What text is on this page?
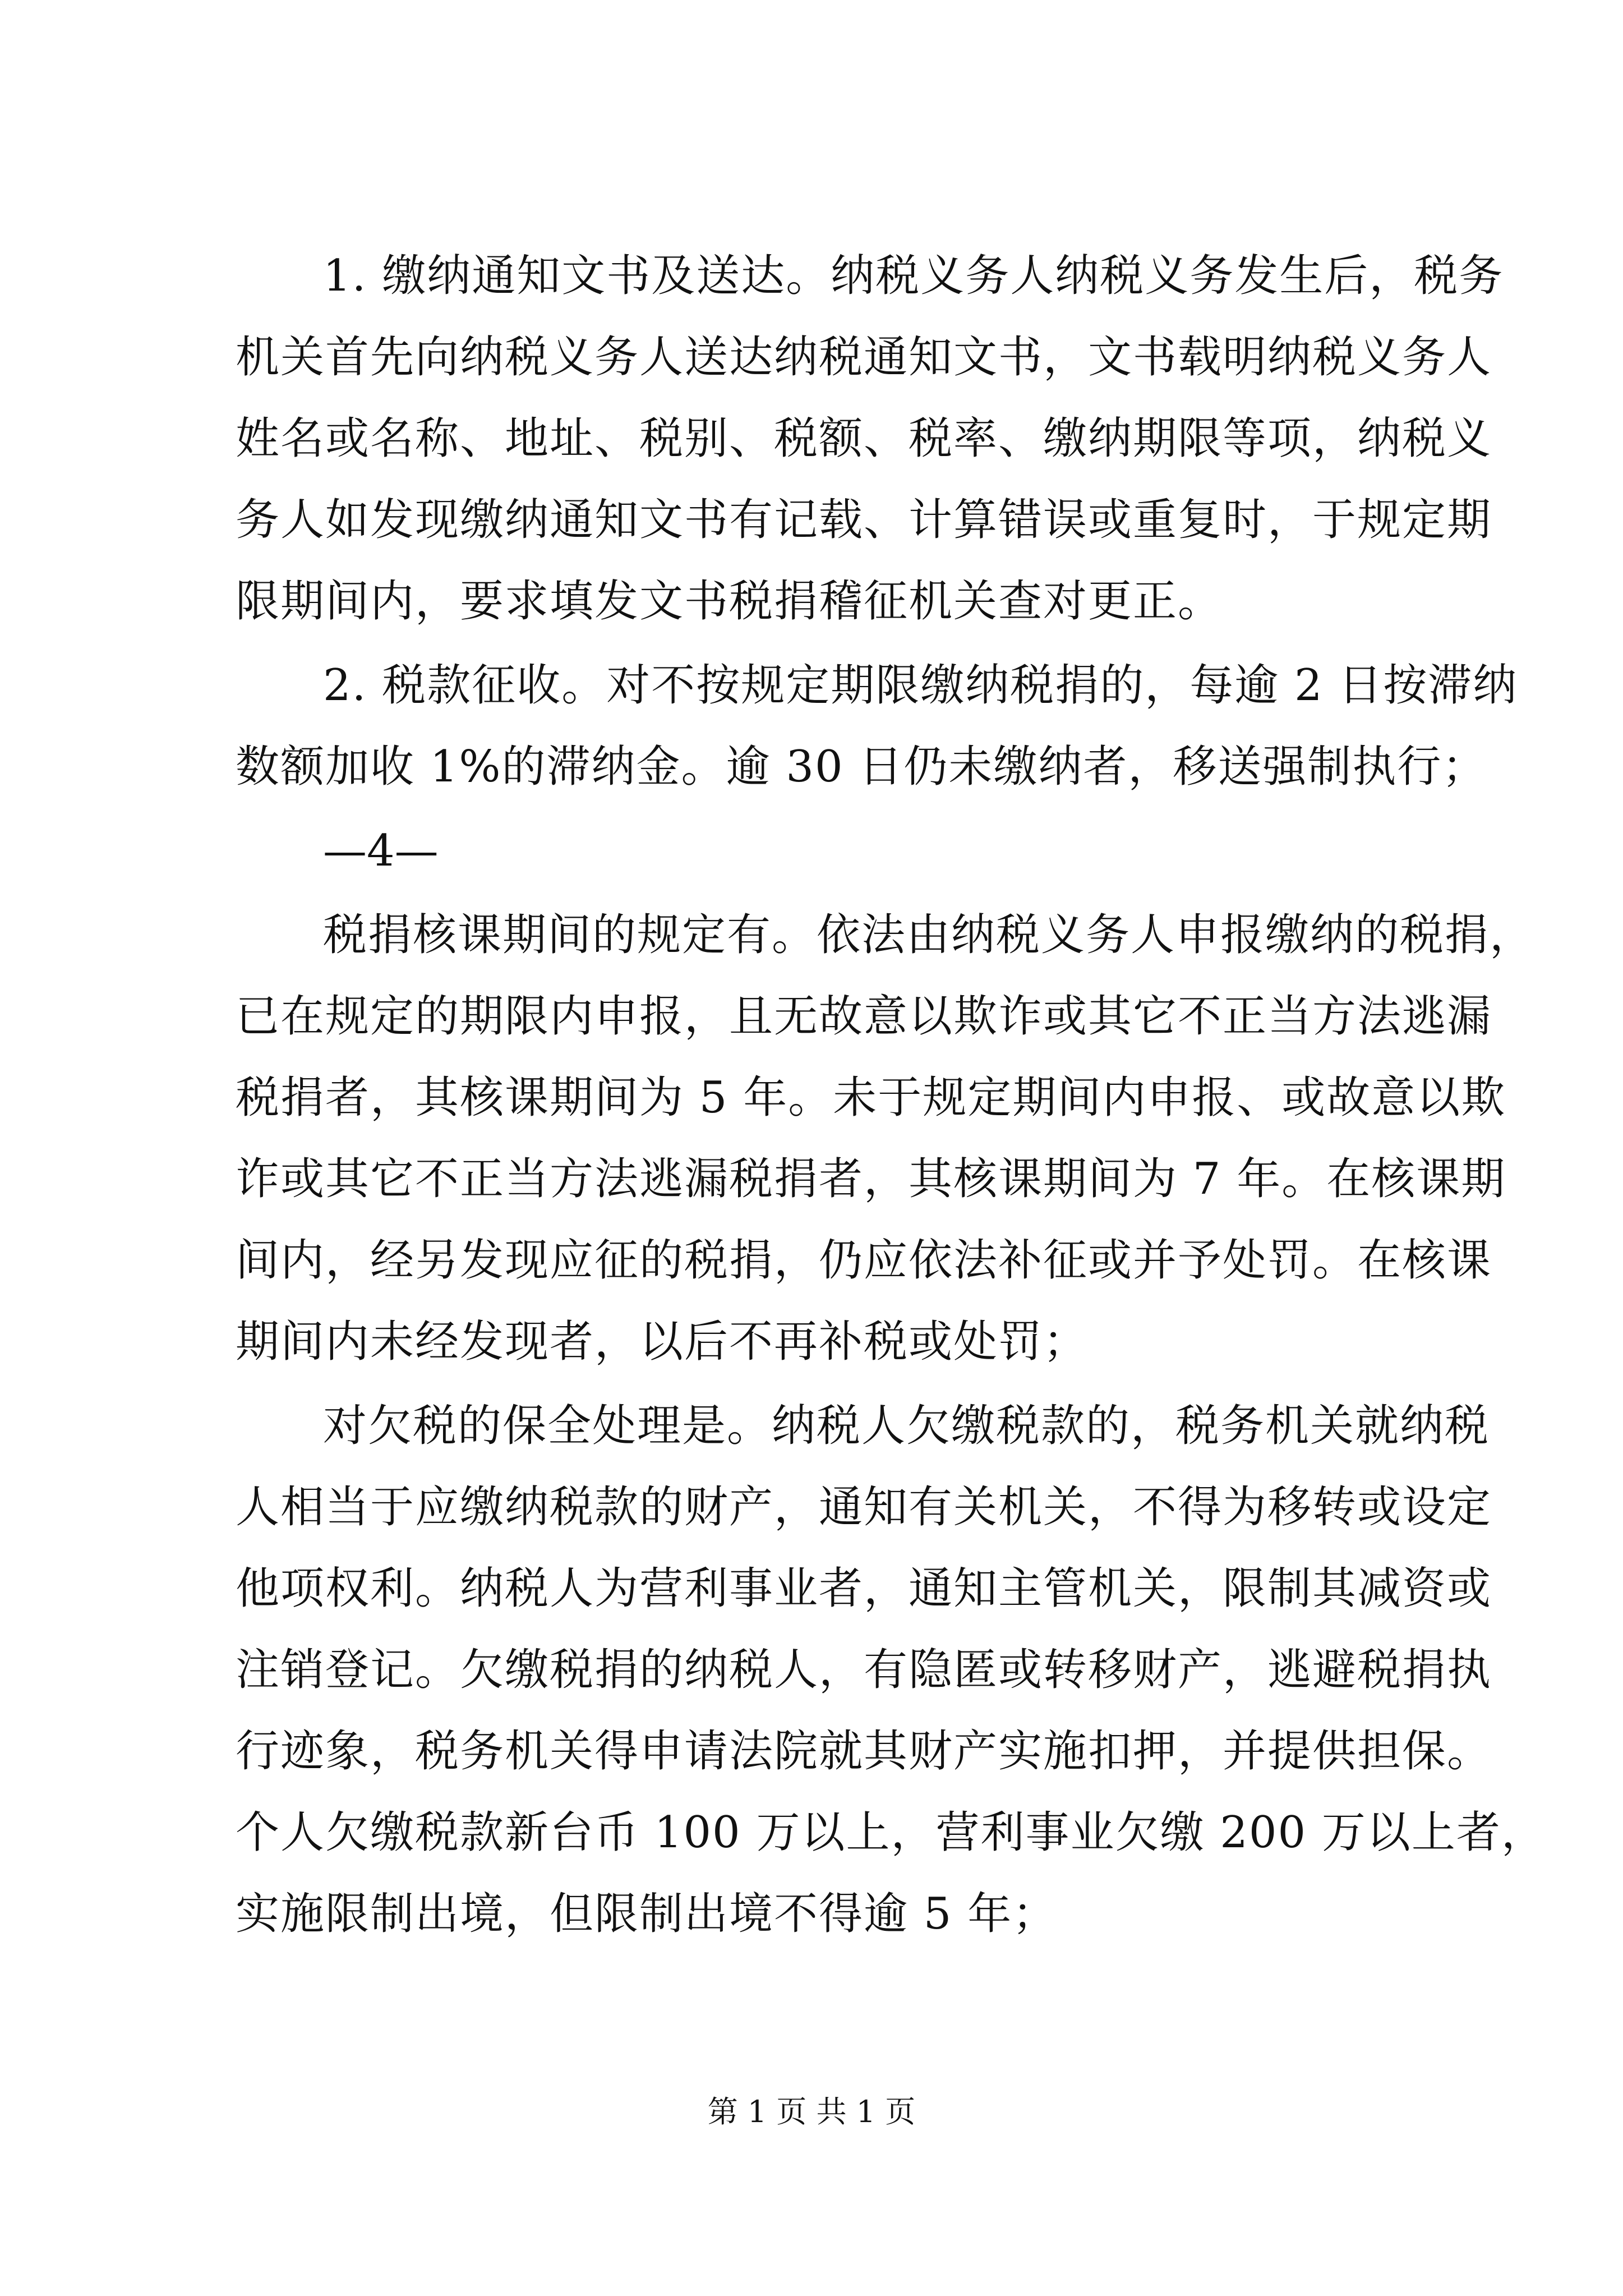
1. 缴纳通知文书及送达。纳税义务人纳税义务发生后，税务
机关首先向纳税义务人送达纳税通知文书，文书载明纳税义务人
姓名或名称、地址、税别、税额、税率、缴纳期限等项，纳税义
务人如发现缴纳通知文书有记载、计算错误或重复时，于规定期
限期间内，要求填发文书税捐稽征机关查对更正。
2. 税款征收。对不按规定期限缴纳税捐的，每逾 2 日按滞纳
数额加收 1%的滞纳金。逾 30 日仍未缴纳者，移送强制执行；
—4—
税捐核课期间的规定有。依法由纳税义务人申报缴纳的税捐，
已在规定的期限内申报，且无故意以欺诈或其它不正当方法逃漏
税捐者，其核课期间为 5 年。未于规定期间内申报、或故意以欺
诈或其它不正当方法逃漏税捐者，其核课期间为 7 年。在核课期
间内，经另发现应征的税捐，仍应依法补征或并予处罚。在核课
期间内未经发现者，以后不再补税或处罚；
对欠税的保全处理是。纳税人欠缴税款的，税务机关就纳税
人相当于应缴纳税款的财产，通知有关机关，不得为移转或设定
他项权利。纳税人为营利事业者，通知主管机关，限制其减资或
注销登记。欠缴税捐的纳税人，有隐匿或转移财产，逃避税捐执
行迹象，税务机关得申请法院就其财产实施扣押，并提供担保。
个人欠缴税款新台币 100 万以上，营利事业欠缴 200 万以上者，
实施限制出境，但限制出境不得逾 5 年；
第 1 页 共 1 页
